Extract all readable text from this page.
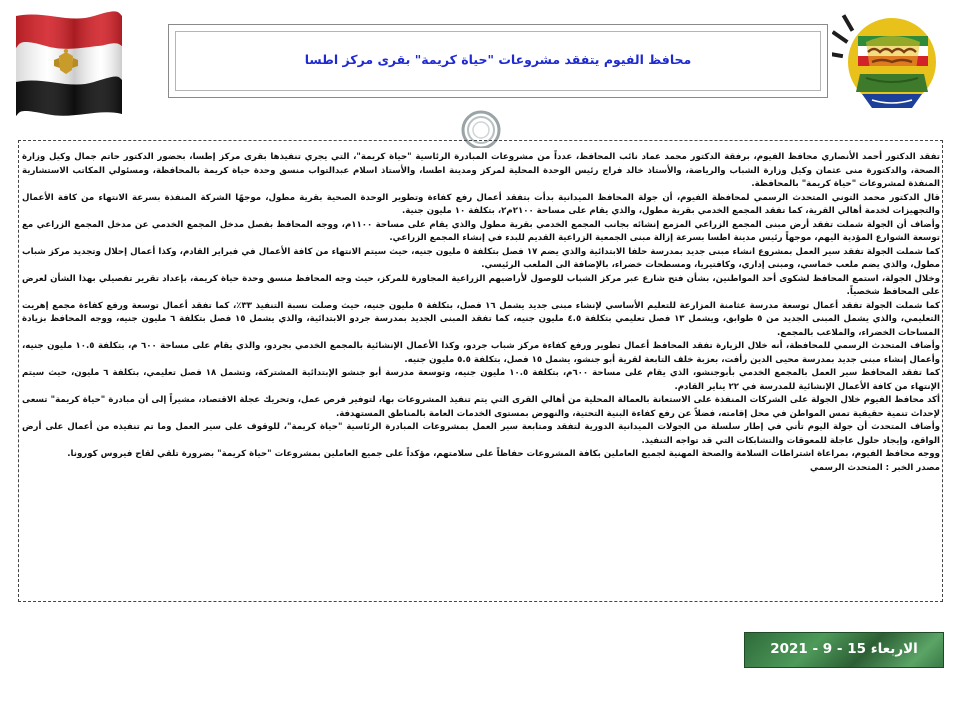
محافظ الفيوم يتفقد مشروعات "حياة كريمة" بقرى مركز اطسا

تفقد الدكتور أحمد الأنصاري محافظ الفيوم، برفقة الدكتور محمد عماد نائب المحافظ، عدداً من مشروعات المبادرة الرئاسية "حياة كريمة"، التي يجري تنفيذها بقرى مركز إطسا، بحضور الدكتور حاتم جمال وكيل وزارة الصحة، والدكتورة منى عثمان وكيل وزارة الشباب والرياضة، والأستاذ خالد فراج رئيس الوحدة المحلية لمركز ومدينة اطسا، والأستاذ اسلام عبدالتواب منسق وحدة حياة كريمة بالمحافظة، ومسئولي المكاتب الاستشارية المنفذة لمشروعات "حياة كريمة" بالمحافظة.

قال الدكتور محمد التوني المتحدث الرسمي لمحافظة الفيوم، أن جولة المحافظ الميدانية بدأت بتفقد أعمال رفع كفاءة وتطوير الوحدة الصحية بقرية مطول، موجهًا الشركة المنفذة بسرعة الانتهاء من كافة الأعمال والتجهيزات لخدمة أهالي القرية، كما تفقد المجمع الخدمي بقرية مطول، والذي يقام على مساحة ٢١٠٠م٢، بتكلفة ١٠ مليون جنية.

وأضاف أن الجولة شملت تفقد أرض مبنى المجمع الزراعي المزمع إنشائه بجانب المجمع الخدمي بقرية مطول والذي يقام على مساحة ١١٠٠م، ووجه المحافظ بفصل مدخل المجمع الخدمي عن مدخل المجمع الزراعي مع توسعة الشوارع المؤدية اليهم، موجهاً رئيس مدينة اطسا بسرعة إزالة مبنى الجمعية الزراعية القديم للبدء في إنشاء المجمع الزراعي.

كما شملت الجولة تفقد سير العمل بمشروع انشاء مبنى جديد بمدرسة حلفا الابتدائية والذي يضم ١٧ فصل بتكلفة ٥ مليون جنيه، حيث سيتم الانتهاء من كافة الأعمال في فبراير القادم، وكذا أعمال إحلال وتجديد مركز شباب مطول، والذي يضم ملعب خماسي، ومبنى إداري، وكافتيريا، ومسطحات خضراء، بالإضافة الى الملعب الرئيسي.

وخلال الجولة، استمع المحافظ لشكوى أحد المواطنين، بشأن فتح شارع عبر مركز الشباب للوصول لأراضيهم الزراعية المجاورة للمركز، حيث وجه المحافظ منسق وحدة حياة كريمة، بإعداد تقرير تفصيلي بهذا الشأن لعرض على المحافظ شخصياً.

كما شملت الجولة تفقد أعمال توسعة مدرسة عثامنة المزارعة للتعليم الأساسي لإنشاء مبنى جديد يشمل ١٦ فصل، بتكلفة ٥ مليون جنيه، حيث وصلت نسبة التنفيذ ٣٣٪، كما تفقد أعمال توسعة ورفع كفاءة مجمع إهريت التعليمي، والذي يشمل المبنى الجديد من ٥ طوابق، ويشمل ١٣ فصل تعليمي بتكلفة ٤.٥ مليون جنيه، كما تفقد المبنى الجديد بمدرسة جردو الابتدائية، والذي يشمل ١٥ فصل بتكلفة ٦ مليون جنيه، ووجه المحافظ بزيادة المساحات الخضراء، والملاعب بالمجمع.

وأضاف المتحدث الرسمي للمحافظة، أنه خلال الزيارة تفقد المحافظ أعمال تطوير ورفع كفاءة مركز شباب جردو، وكذا الأعمال الإنشائية بالمجمع الخدمي بجردو، والذي يقام على مساحة ٦٠٠ م، بتكلفة ١٠.٥ مليون جنيه، وأعمال إنشاء مبنى جديد بمدرسة محيى الدين رأفت، بعزبة خلف التابعة لقرية أبو جنشو، يشمل ١٥ فصل، بتكلفة ٥.٥ مليون جنيه.

كما تفقد المحافظ سير العمل بالمجمع الخدمي بأبوجنشو، الذي يقام على مساحة ٦٠٠م، بتكلفة ١٠.٥ مليون جنيه، وتوسعة مدرسة أبو جنشو الإبتدائية المشتركة، وتشمل ١٨ فصل تعليمي، بتكلفة ٦ مليون، حيث سيتم الإنتهاء من كافة الأعمال الإنشائية للمدرسة في ٢٢ يناير القادم.

أكد محافظ الفيوم خلال الجولة على الشركات المنفذة على الاستعانة بالعمالة المحلية من أهالي القرى التي يتم تنفيذ المشروعات بها، لتوفير فرص عمل، وتحريك عجلة الاقتصاد، مشيراً إلى أن مبادرة "حياة كريمة" تسعى لإحداث تنمية حقيقية تمس المواطن في محل إقامته، فضلاً عن رفع كفاءة البنية التحتية، والنهوض بمستوى الخدمات العامة بالمناطق المستهدفة.

وأضاف المتحدث أن جولة اليوم تأتي في إطار سلسلة من الجولات الميدانية الدورية لتفقد ومتابعة سير العمل بمشروعات المبادرة الرئاسية "حياة كريمة"، للوقوف على سير العمل وما تم تنفيذه من أعمال على أرض الواقع، وإيجاد حلول عاجلة للمعوقات والتشابكات التي قد تواجه التنفيذ.

ووجه محافظ الفيوم، بمراعاة اشتراطات السلامة والصحة المهنية لجميع العاملين بكافة المشروعات حفاظاً على سلامتهم، مؤكداً على جميع العاملين بمشروعات "حياة كريمة" بضرورة تلقي لقاح فيروس كورونا.

مصدر الخبر : المتحدث الرسمي

الاربعاء 15 - 9 - 2021
